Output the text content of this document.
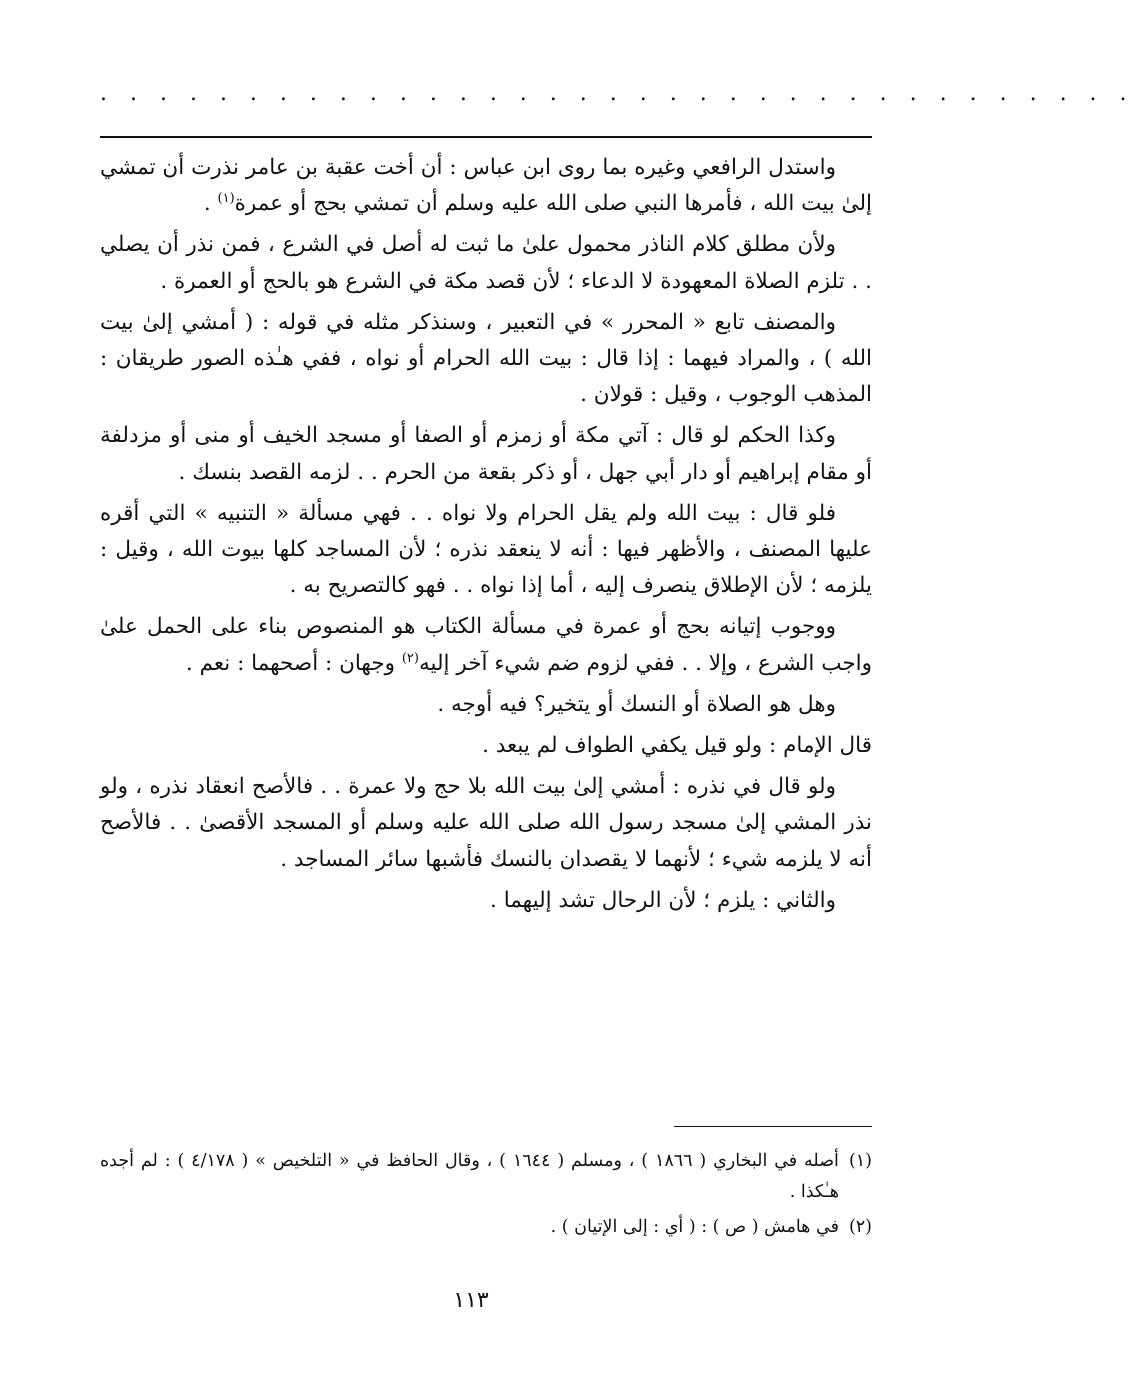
. . . . . . . . . . . . . . . . . . . . . . . . . . . . . . . . . . .

واستدل الرافعي وغيره بما روى ابن عباس : أن أخت عقبة بن عامر نذرت أن تمشي إلىٰ بيت الله ، فأمرها النبي صلى الله عليه وسلم أن تمشي بحج أو عمرة$^{(١)}$ .

ولأن مطلق كلام الناذر محمول علىٰ ما ثبت له أصل في الشرع ، فمن نذر أن يصلي . . تلزم الصلاة المعهودة لا الدعاء ؛ لأن قصد مكة في الشرع هو بالحج أو العمرة .

والمصنف تابع « المحرر » في التعبير ، وسنذكر مثله في قوله : ( أمشي إلىٰ بيت الله ) ، والمراد فيهما : إذا قال : بيت الله الحرام أو نواه ، ففي هـٰذه الصور طريقان : المذهب الوجوب ، وقيل : قولان .

وكذا الحكم لو قال : آتي مكة أو زمزم أو الصفا أو مسجد الخيف أو منى أو مزدلفة أو مقام إبراهيم أو دار أبي جهل ، أو ذكر بقعة من الحرم . . لزمه القصد بنسك .

فلو قال : بيت الله ولم يقل الحرام ولا نواه . . فهي مسألة « التنبيه » التي أقره عليها المصنف ، والأظهر فيها : أنه لا ينعقد نذره ؛ لأن المساجد كلها بيوت الله ، وقيل : يلزمه ؛ لأن الإطلاق ينصرف إليه ، أما إذا نواه . . فهو كالتصريح به .

ووجوب إتيانه بحج أو عمرة في مسألة الكتاب هو المنصوص بناء على الحمل علىٰ واجب الشرع ، وإلا . . ففي لزوم ضم شيء آخر إليه$^{(٢)}$ وجهان : أصحهما : نعم .

وهل هو الصلاة أو النسك أو يتخير؟ فيه أوجه .

قال الإمام : ولو قيل يكفي الطواف لم يبعد .

ولو قال في نذره : أمشي إلىٰ بيت الله بلا حج ولا عمرة . . فالأصح انعقاد نذره ، ولو نذر المشي إلىٰ مسجد رسول الله صلى الله عليه وسلم أو المسجد الأقصىٰ . . فالأصح أنه لا يلزمه شيء ؛ لأنهما لا يقصدان بالنسك فأشبها سائر المساجد .

والثاني : يلزم ؛ لأن الرحال تشد إليهما .

(١)
أصله في البخاري ( ١٨٦٦ ) ، ومسلم ( ١٦٤٤ ) ، وقال الحافظ في « التلخيص » ( ٤/١٧٨ ) : لم أجده هـٰكذا .
(٢)
في هامش ( ص ) : ( أي : إلى الإتيان ) .
١١٣
